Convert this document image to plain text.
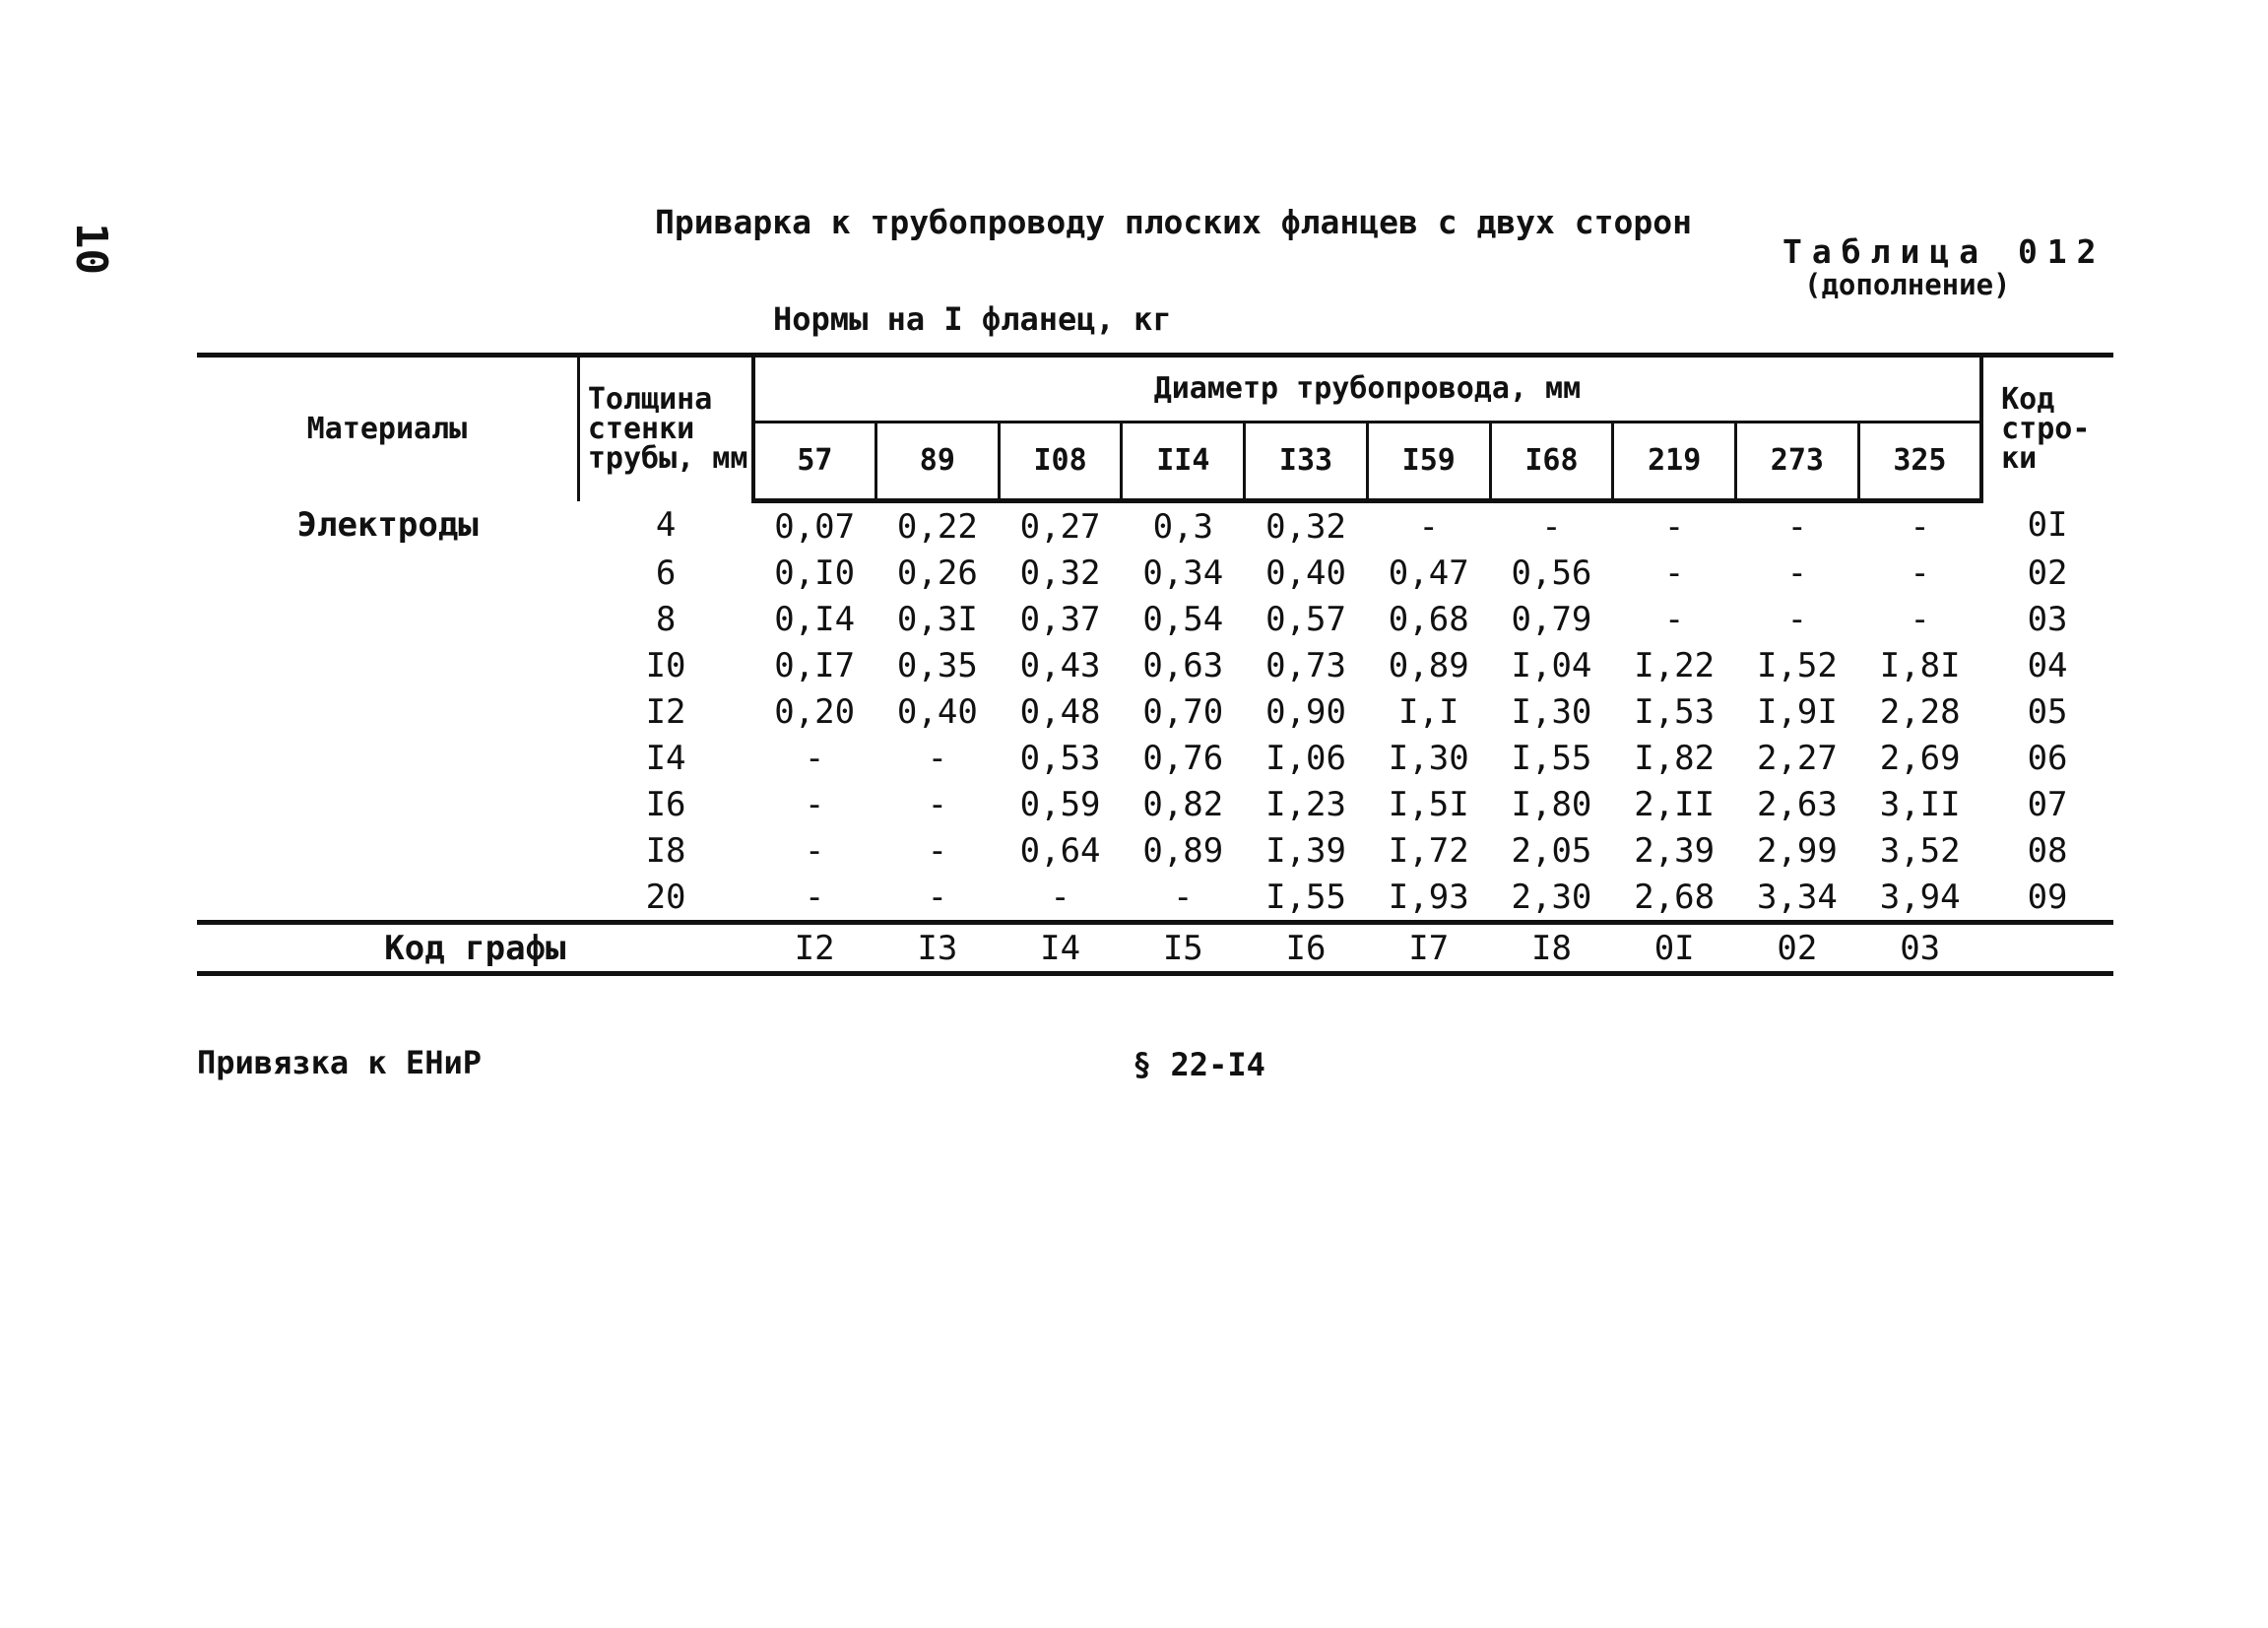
10
Приварка к трубопроводу плоских фланцев с двух сторон
Таблица 012
(дополнение)
Нормы на I фланец, кг
Материалы	Толщина стенки трубы, мм	Диаметр трубопровода, мм										Код стро-ки
		57	89	I08	II4	I33	I59	I68	219	273	325	
Электроды	4	0,07	0,22	0,27	0,3	0,32	-	-	-	-	-	0I
	6	0,I0	0,26	0,32	0,34	0,40	0,47	0,56	-	-	-	02
	8	0,I4	0,3I	0,37	0,54	0,57	0,68	0,79	-	-	-	03
	I0	0,I7	0,35	0,43	0,63	0,73	0,89	I,04	I,22	I,52	I,8I	04
	I2	0,20	0,40	0,48	0,70	0,90	I,I	I,30	I,53	I,9I	2,28	05
	I4	-	-	0,53	0,76	I,06	I,30	I,55	I,82	2,27	2,69	06
	I6	-	-	0,59	0,82	I,23	I,5I	I,80	2,II	2,63	3,II	07
	I8	-	-	0,64	0,89	I,39	I,72	2,05	2,39	2,99	3,52	08
	20	-	-	-	-	I,55	I,93	2,30	2,68	3,34	3,94	09
Код графы		I2	I3	I4	I5	I6	I7	I8	0I	02	03	
Привязка к ЕНиР	§ 22-I4
